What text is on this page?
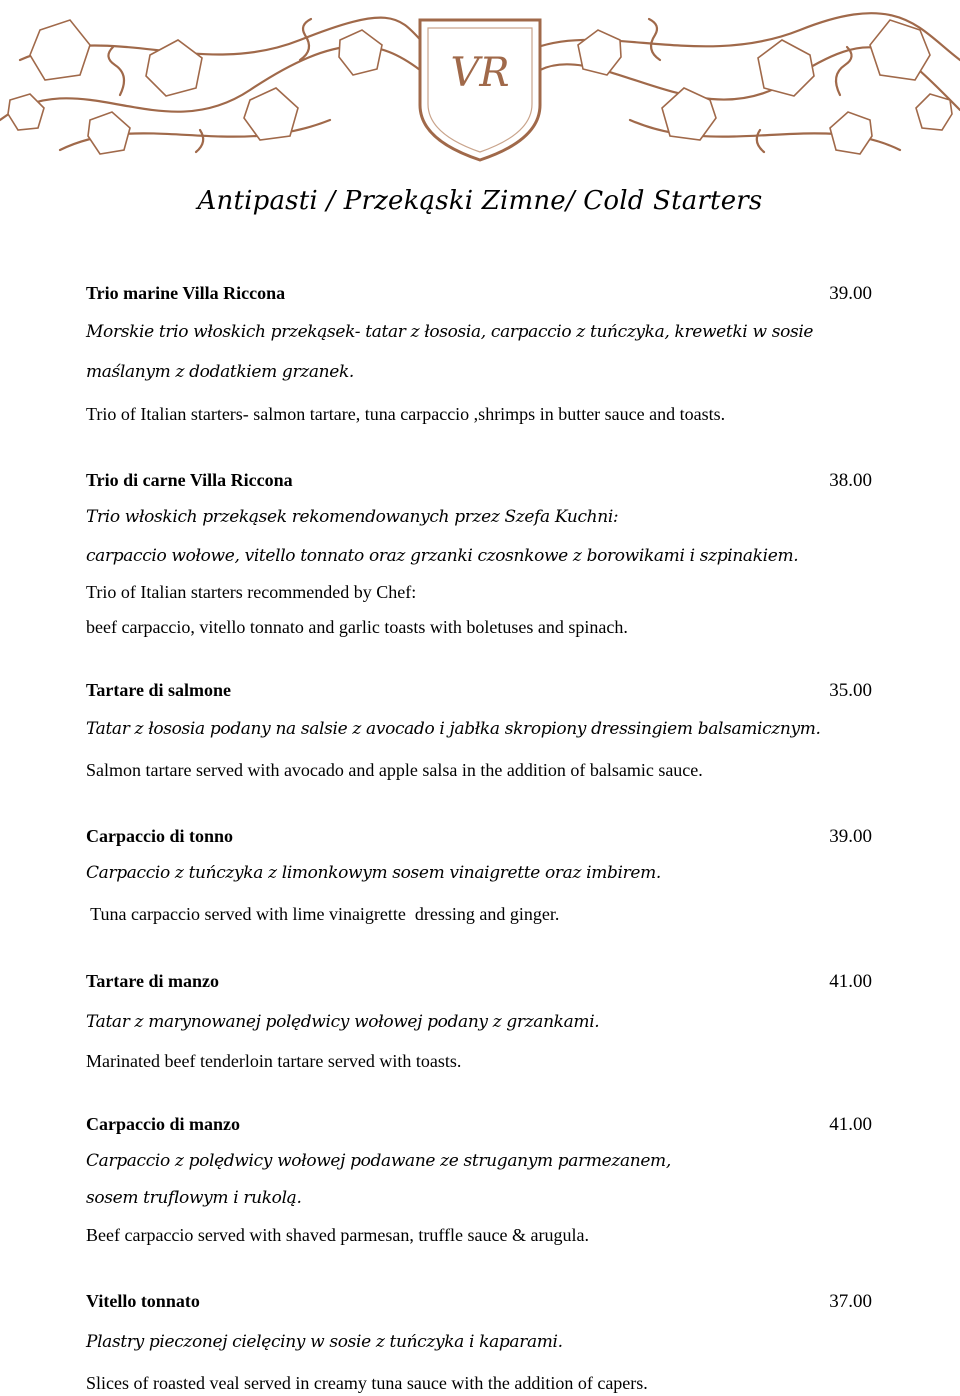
VR
Antipasti / Przekąski Zimne/ Cold Starters
Trio marine Villa Riccona	39.00
Morskie trio włoskich przekąsek- tatar z łososia, carpaccio z tuńczyka, krewetki w sosie
maślanym z dodatkiem grzanek.
Trio of Italian starters- salmon tartare, tuna carpaccio ,shrimps in butter sauce and toasts.
Trio di carne Villa Riccona	38.00
Trio włoskich przekąsek rekomendowanych przez Szefa Kuchni:
carpaccio wołowe, vitello tonnato oraz grzanki czosnkowe z borowikami i szpinakiem.
Trio of Italian starters recommended by Chef:
beef carpaccio, vitello tonnato and garlic toasts with boletuses and spinach.
Tartare di salmone	35.00
Tatar z łososia podany na salsie z avocado i jabłka skropiony dressingiem balsamicznym.
Salmon tartare served with avocado and apple salsa in the addition of balsamic sauce.
Carpaccio di tonno	39.00
Carpaccio z tuńczyka z limonkowym sosem vinaigrette oraz imbirem.
Tuna carpaccio served with lime vinaigrette  dressing and ginger.
Tartare di manzo	41.00
Tatar z marynowanej polędwicy wołowej podany z grzankami.
Marinated beef tenderloin tartare served with toasts.
Carpaccio di manzo	41.00
Carpaccio z polędwicy wołowej podawane ze struganym parmezanem,
sosem truflowym i rukolą.
Beef carpaccio served with shaved parmesan, truffle sauce & arugula.
Vitello tonnato	37.00
Plastry pieczonej cielęciny w sosie z tuńczyka i kaparami.
Slices of roasted veal served in creamy tuna sauce with the addition of capers.
